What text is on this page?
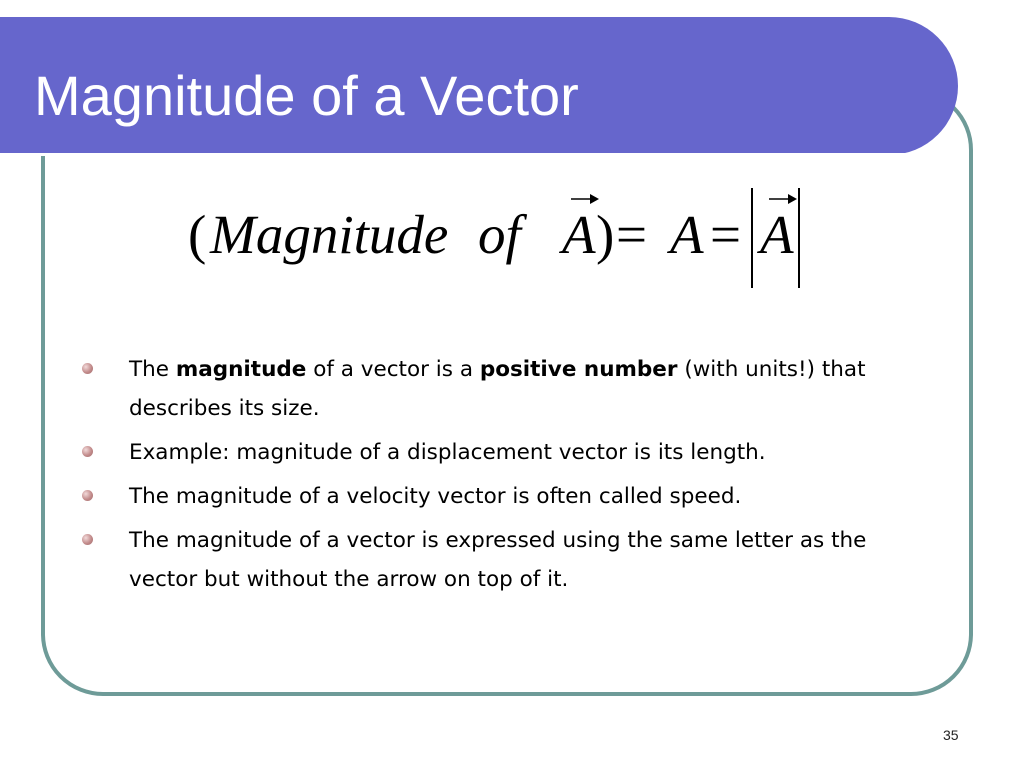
Magnitude of a Vector
( Magnitude of A ) = A = A
The magnitude of a vector is a positive number (with units!) that describes its size.
Example: magnitude of a displacement vector is its length.
The magnitude of a velocity vector is often called speed.
The magnitude of a vector is expressed using the same letter as the vector but without the arrow on top of it.
35
